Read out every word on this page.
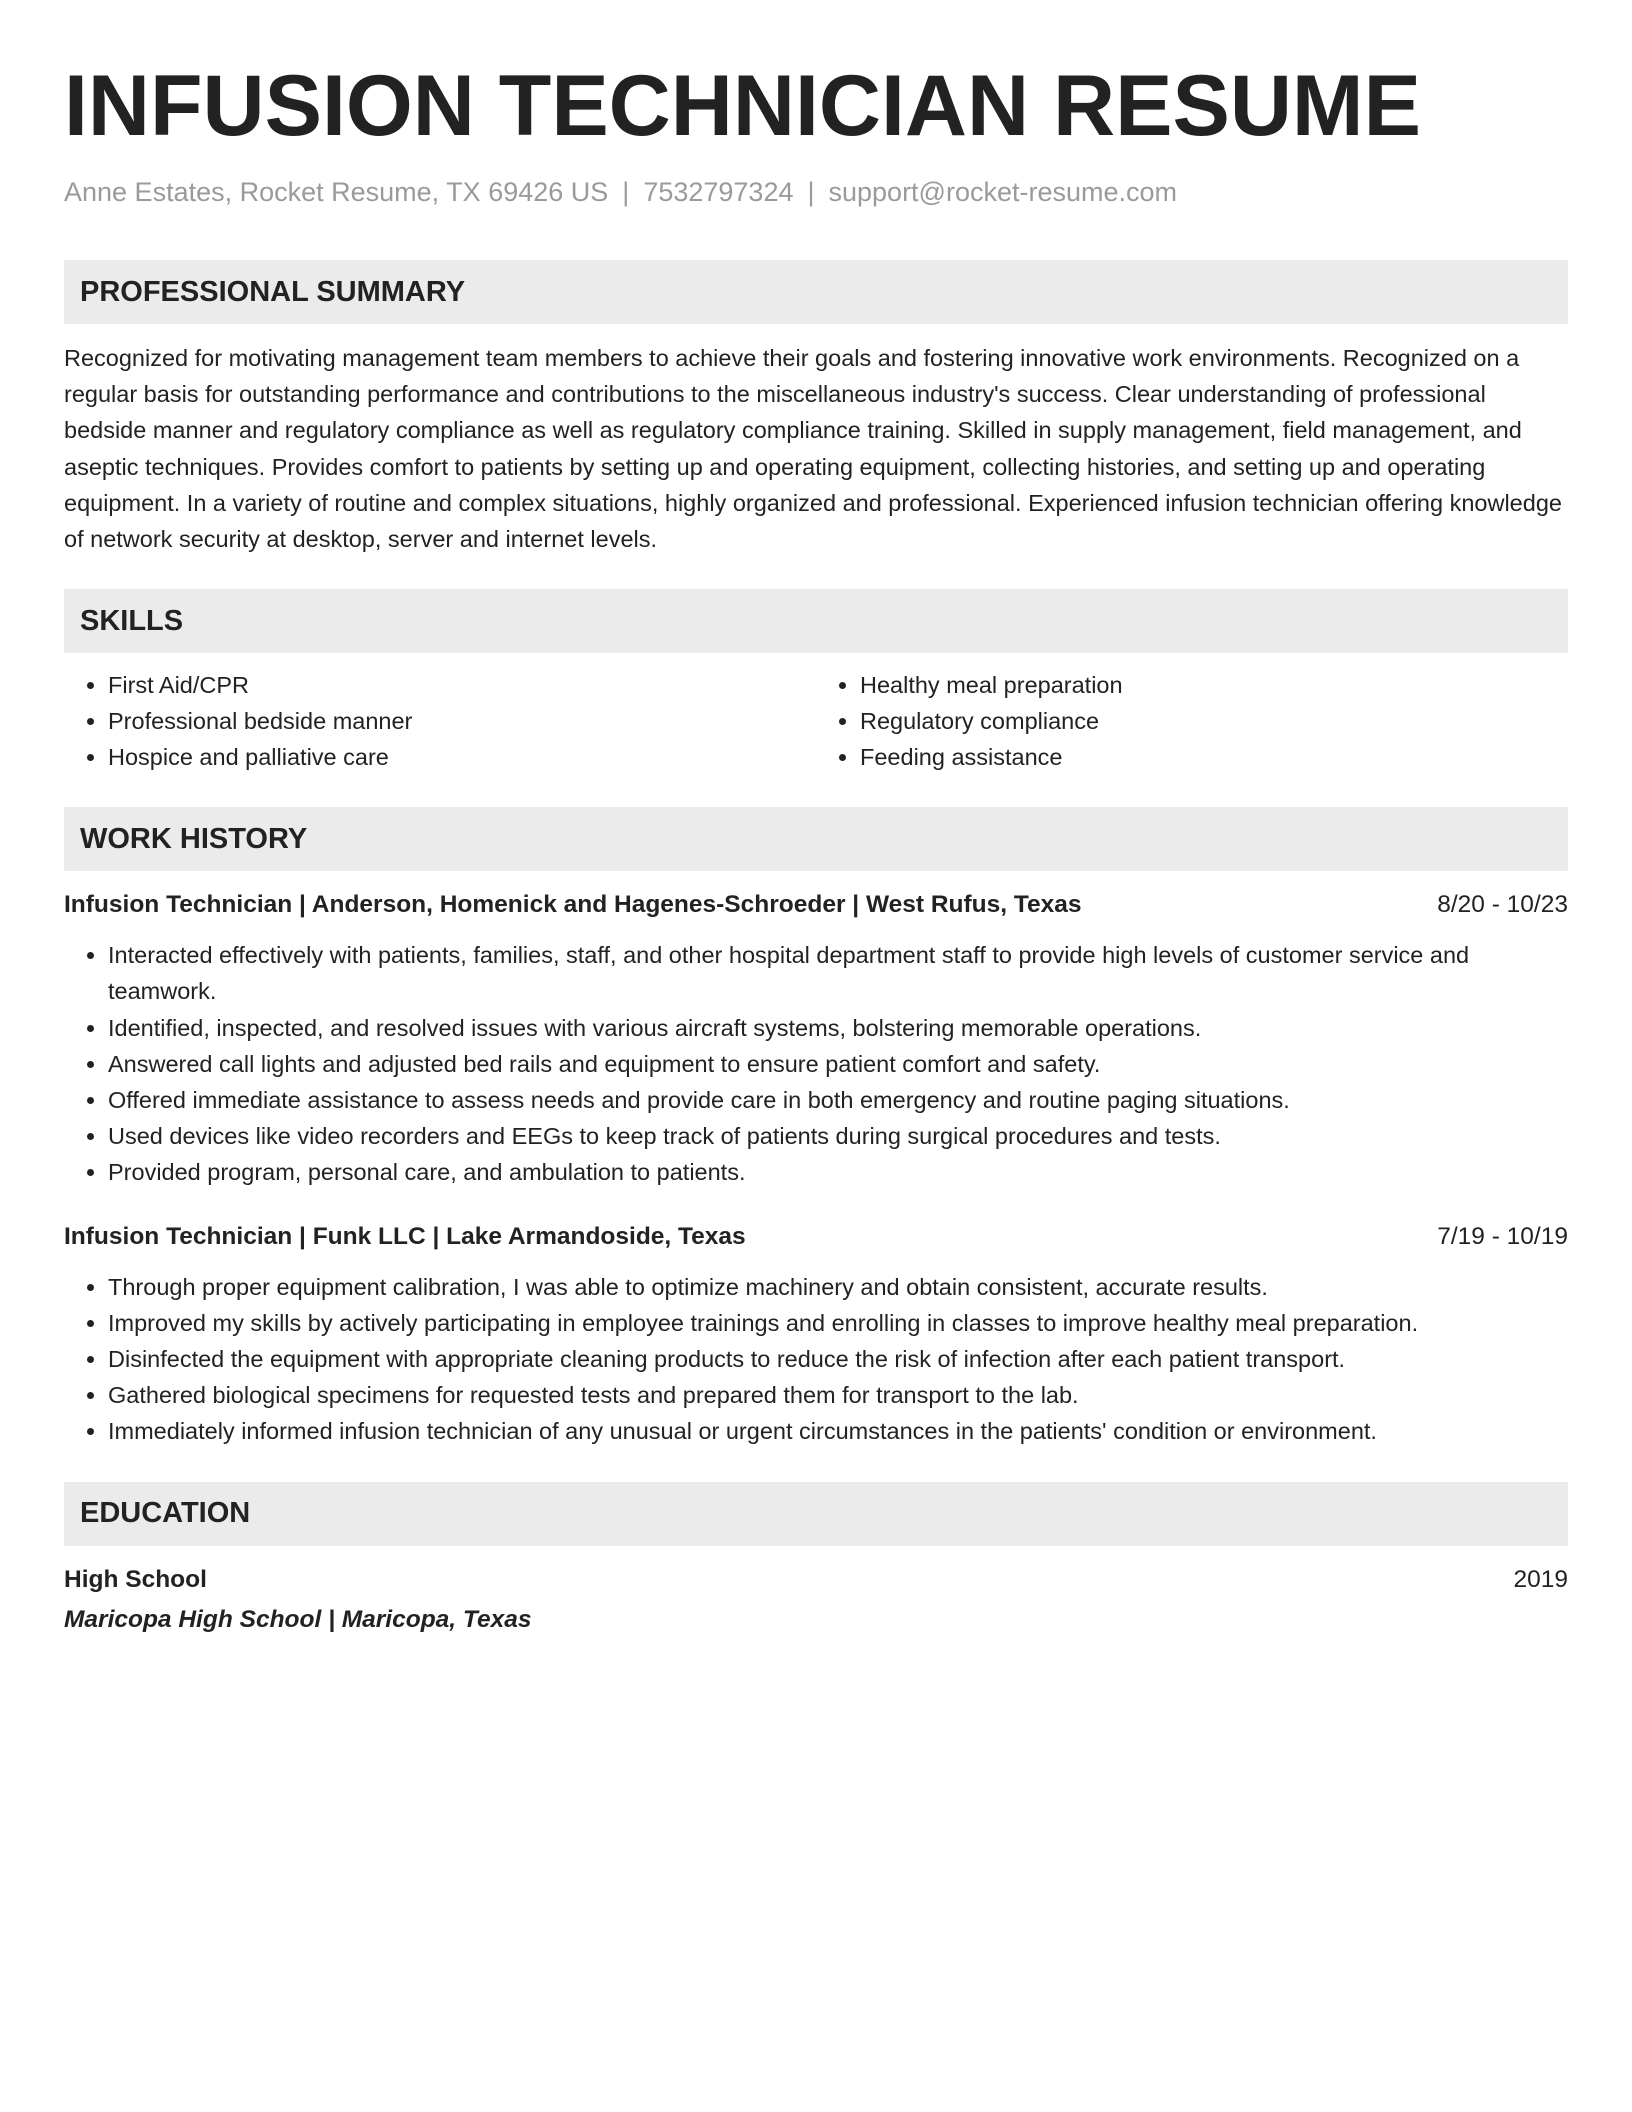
INFUSION TECHNICIAN RESUME
Anne Estates, Rocket Resume, TX 69426 US | 7532797324 | support@rocket-resume.com
PROFESSIONAL SUMMARY

Recognized for motivating management team members to achieve their goals and fostering innovative work environments. Recognized on a regular basis for outstanding performance and contributions to the miscellaneous industry's success. Clear understanding of professional bedside manner and regulatory compliance as well as regulatory compliance training. Skilled in supply management, field management, and aseptic techniques. Provides comfort to patients by setting up and operating equipment, collecting histories, and setting up and operating equipment. In a variety of routine and complex situations, highly organized and professional. Experienced infusion technician offering knowledge of network security at desktop, server and internet levels.

SKILLS
• First Aid/CPR
• Professional bedside manner
• Hospice and palliative care
• Healthy meal preparation
• Regulatory compliance
• Feeding assistance
WORK HISTORY
Infusion Technician | Anderson, Homenick and Hagenes-Schroeder | West Rufus, Texas	8/20 - 10/23
• Interacted effectively with patients, families, staff, and other hospital department staff to provide high levels of customer service and teamwork.
• Identified, inspected, and resolved issues with various aircraft systems, bolstering memorable operations.
• Answered call lights and adjusted bed rails and equipment to ensure patient comfort and safety.
• Offered immediate assistance to assess needs and provide care in both emergency and routine paging situations.
• Used devices like video recorders and EEGs to keep track of patients during surgical procedures and tests.
• Provided program, personal care, and ambulation to patients.
Infusion Technician | Funk LLC | Lake Armandoside, Texas	7/19 - 10/19
• Through proper equipment calibration, I was able to optimize machinery and obtain consistent, accurate results.
• Improved my skills by actively participating in employee trainings and enrolling in classes to improve healthy meal preparation.
• Disinfected the equipment with appropriate cleaning products to reduce the risk of infection after each patient transport.
• Gathered biological specimens for requested tests and prepared them for transport to the lab.
• Immediately informed infusion technician of any unusual or urgent circumstances in the patients' condition or environment.
EDUCATION
High School	2019
Maricopa High School | Maricopa, Texas
